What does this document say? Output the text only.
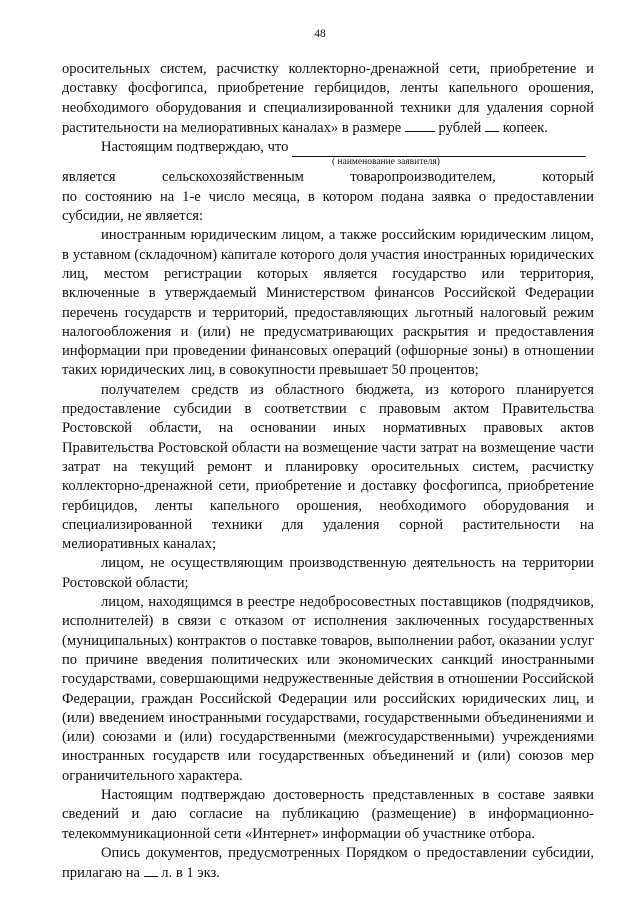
48

оросительных систем, расчистку коллекторно-дренажной сети, приобретение и доставку фосфогипса, приобретение гербицидов, ленты капельного орошения, необходимого оборудования и специализированной техники для удаления сорной растительности на мелиоративных каналах» в размере	рублей копеек.

Настоящим подтверждаю, что
( наименование заявителя)

является сельскохозяйственным товаропроизводителем, который

по состоянию на 1-е число месяца, в котором подана заявка о предоставлении субсидии, не является:

иностранным юридическим лицом, а также российским юридическим лицом, в уставном (складочном) капитале которого доля участия иностранных юридических лиц, местом регистрации которых является государство или территория, включенные в утверждаемый Министерством финансов Российской Федерации перечень государств и территорий, предоставляющих льготный налоговый режим налогообложения и (или) не предусматривающих раскрытия и предоставления информации при проведении финансовых операций (офшорные зоны) в отношении таких юридических лиц, в совокупности превышает 50 процентов;

получателем средств из областного бюджета, из которого планируется предоставление субсидии в соответствии с правовым актом Правительства Ростовской области, на основании иных нормативных правовых актов Правительства Ростовской области на возмещение части затрат на возмещение части затрат на текущий ремонт и планировку оросительных систем, расчистку коллекторно-дренажной сети, приобретение и доставку фосфогипса, приобретение гербицидов, ленты капельного орошения, необходимого оборудования и специализированной техники для удаления сорной растительности на мелиоративных каналах;

лицом, не осуществляющим производственную деятельность на территории Ростовской области;

лицом, находящимся в реестре недобросовестных поставщиков (подрядчиков, исполнителей) в связи с отказом от исполнения заключенных государственных (муниципальных) контрактов о поставке товаров, выполнении работ, оказании услуг по причине введения политических или экономических санкций иностранными государствами, совершающими недружественные действия в отношении Российской Федерации, граждан Российской Федерации или российских юридических лиц, и (или) введением иностранными государствами, государственными объединениями и (или) союзами и (или) государственными (межгосударственными) учреждениями иностранных государств или государственных объединений и (или) союзов мер ограничительного характера.

Настоящим подтверждаю достоверность представленных в составе заявки сведений и даю согласие на публикацию (размещение) в информационно-телекоммуникационной сети «Интернет» информации об участнике отбора.

Опись документов, предусмотренных Порядком о предоставлении субсидии, прилагаю на л. в 1 экз.
